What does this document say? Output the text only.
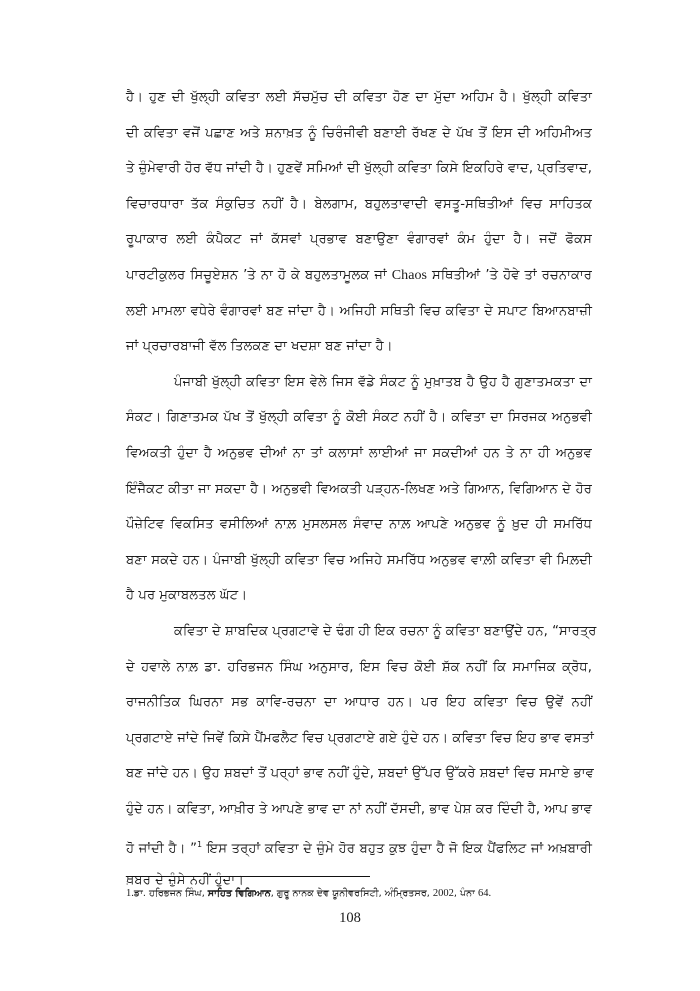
ਹੈ। ਹੁਣ ਦੀ ਖੁੱਲ੍ਹੀ ਕਵਿਤਾ ਲਈ ਸੱਚਮੁੱਚ ਦੀ ਕਵਿਤਾ ਹੋਣ ਦਾ ਮੁੱਦਾ ਅਹਿਮ ਹੈ। ਖੁੱਲ੍ਹੀ ਕਵਿਤਾ
ਦੀ ਕਵਿਤਾ ਵਜੋਂ ਪਛਾਣ ਅਤੇ ਸ਼ਨਾਖ਼ਤ ਨੂੰ ਚਿਰੰਜੀਵੀ ਬਣਾਈ ਰੱਖਣ ਦੇ ਪੱਖ ਤੋਂ ਇਸ ਦੀ ਅਹਿਮੀਅਤ
ਤੇ ਜ਼ੁੰਮੇਵਾਰੀ ਹੋਰ ਵੱਧ ਜਾਂਦੀ ਹੈ। ਹੁਣਵੇਂ ਸਮਿਆਂ ਦੀ ਖੁੱਲ੍ਹੀ ਕਵਿਤਾ ਕਿਸੇ ਇਕਹਿਰੇ ਵਾਦ, ਪ੍ਰਤਿਵਾਦ,
ਵਿਚਾਰਧਾਰਾ ਤੱਕ ਸੰਕੁਚਿਤ ਨਹੀਂ ਹੈ। ਬੇਲਗਾਮ, ਬਹੁਲਤਾਵਾਦੀ ਵਸਤੂ-ਸਥਿਤੀਆਂ ਵਿਚ ਸਾਹਿਤਕ
ਰੂਪਾਕਾਰ ਲਈ ਕੰਪੈਕਟ ਜਾਂ ਕੱਸਵਾਂ ਪ੍ਰਭਾਵ ਬਣਾਉਣਾ ਵੰਗਾਰਵਾਂ ਕੰਮ ਹੁੰਦਾ ਹੈ। ਜਦੋਂ ਫੋਕਸ
ਪਾਰਟੀਕੁਲਰ ਸਿਚੂਏਸ਼ਨ ’ਤੇ ਨਾ ਹੋ ਕੇ ਬਹੁਲਤਾਮੂਲਕ ਜਾਂ Chaos ਸਥਿਤੀਆਂ ’ਤੇ ਹੋਵੇ ਤਾਂ ਰਚਨਾਕਾਰ
ਲਈ ਮਾਮਲਾ ਵਧੇਰੇ ਵੰਗਾਰਵਾਂ ਬਣ ਜਾਂਦਾ ਹੈ। ਅਜਿਹੀ ਸਥਿਤੀ ਵਿਚ ਕਵਿਤਾ ਦੇ ਸਪਾਟ ਬਿਆਨਬਾਜ਼ੀ
ਜਾਂ ਪ੍ਰਚਾਰਬਾਜੀ ਵੱਲ ਤਿਲਕਣ ਦਾ ਖਦਸ਼ਾ ਬਣ ਜਾਂਦਾ ਹੈ।
ਪੰਜਾਬੀ ਖੁੱਲ੍ਹੀ ਕਵਿਤਾ ਇਸ ਵੇਲੇ ਜਿਸ ਵੱਡੇ ਸੰਕਟ ਨੂੰ ਮੁਖ਼ਾਤਬ ਹੈ ਉਹ ਹੈ ਗੁਣਾਤਮਕਤਾ ਦਾ
ਸੰਕਟ। ਗਿਣਾਤਮਕ ਪੱਖ ਤੋਂ ਖੁੱਲ੍ਹੀ ਕਵਿਤਾ ਨੂੰ ਕੋਈ ਸੰਕਟ ਨਹੀਂ ਹੈ। ਕਵਿਤਾ ਦਾ ਸਿਰਜਕ ਅਨੁਭਵੀ
ਵਿਅਕਤੀ ਹੁੰਦਾ ਹੈ ਅਨੁਭਵ ਦੀਆਂ ਨਾ ਤਾਂ ਕਲਾਸਾਂ ਲਾਈਆਂ ਜਾ ਸਕਦੀਆਂ ਹਨ ਤੇ ਨਾ ਹੀ ਅਨੁਭਵ
ਇੰਜੈਕਟ ਕੀਤਾ ਜਾ ਸਕਦਾ ਹੈ। ਅਨੁਭਵੀ ਵਿਅਕਤੀ ਪੜ੍ਹਨ-ਲਿਖਣ ਅਤੇ ਗਿਆਨ, ਵਿਗਿਆਨ ਦੇ ਹੋਰ
ਪੌਜ਼ੇਟਿਵ ਵਿਕਸਿਤ ਵਸੀਲਿਆਂ ਨਾਲ਼ ਮੁਸਲਸਲ ਸੰਵਾਦ ਨਾਲ਼ ਆਪਣੇ ਅਨੁਭਵ ਨੂੰ ਖ਼ੁਦ ਹੀ ਸਮਰਿੱਧ
ਬਣਾ ਸਕਦੇ ਹਨ। ਪੰਜਾਬੀ ਖੁੱਲ੍ਹੀ ਕਵਿਤਾ ਵਿਚ ਅਜਿਹੇ ਸਮਰਿੱਧ ਅਨੁਭਵ ਵਾਲ਼ੀ ਕਵਿਤਾ ਵੀ ਮਿਲ਼ਦੀ
ਹੈ ਪਰ ਮੁਕਾਬਲਤਲ ਘੱਟ।
ਕਵਿਤਾ ਦੇ ਸ਼ਾਬਦਿਕ ਪ੍ਰਗਟਾਵੇ ਦੇ ਢੰਗ ਹੀ ਇਕ ਰਚਨਾ ਨੂੰ ਕਵਿਤਾ ਬਣਾਉਂਦੇ ਹਨ, “ਸਾਰਤ੍ਰ
ਦੇ ਹਵਾਲੇ ਨਾਲ਼ ਡਾ. ਹਰਿਭਜਨ ਸਿੰਘ ਅਨੁਸਾਰ, ਇਸ ਵਿਚ ਕੋਈ ਸ਼ੱਕ ਨਹੀਂ ਕਿ ਸਮਾਜਿਕ ਕ੍ਰੋਧ,
ਰਾਜਨੀਤਿਕ ਘਿਰਨਾ ਸਭ ਕਾਵਿ-ਰਚਨਾ ਦਾ ਆਧਾਰ ਹਨ। ਪਰ ਇਹ ਕਵਿਤਾ ਵਿਚ ਉਵੇਂ ਨਹੀਂ
ਪ੍ਰਗਟਾਏ ਜਾਂਦੇ ਜਿਵੇਂ ਕਿਸੇ ਪੈਂਮਫਲੈਟ ਵਿਚ ਪ੍ਰਗਟਾਏ ਗਏ ਹੁੰਦੇ ਹਨ। ਕਵਿਤਾ ਵਿਚ ਇਹ ਭਾਵ ਵਸਤਾਂ
ਬਣ ਜਾਂਦੇ ਹਨ। ਉਹ ਸ਼ਬਦਾਂ ਤੋਂ ਪਰ੍ਹਾਂ ਭਾਵ ਨਹੀਂ ਹੁੰਦੇ, ਸ਼ਬਦਾਂ ਉੱਪਰ ਉੱਕਰੇ ਸ਼ਬਦਾਂ ਵਿਚ ਸਮਾਏ ਭਾਵ
ਹੁੰਦੇ ਹਨ। ਕਵਿਤਾ, ਆਖ਼ੀਰ ਤੇ ਆਪਣੇ ਭਾਵ ਦਾ ਨਾਂ ਨਹੀਂ ਦੱਸਦੀ, ਭਾਵ ਪੇਸ਼ ਕਰ ਦਿੰਦੀ ਹੈ, ਆਪ ਭਾਵ
ਹੋ ਜਾਂਦੀ ਹੈ। ”$^1$ ਇਸ ਤਰ੍ਹਾਂ ਕਵਿਤਾ ਦੇ ਜ਼ੁੰਮੇ ਹੋਰ ਬਹੁਤ ਕੁਝ ਹੁੰਦਾ ਹੈ ਜੋ ਇਕ ਪੈਂਫਲਿਟ ਜਾਂ ਅਖ਼ਬਾਰੀ
ਖ਼ਬਰ ਦੇ ਜ਼ੁੰਮੇ ਨਹੀਂ ਹੁੰਦਾ।
1.ਡਾ. ਹਰਿਭਜਨ ਸਿੰਘ, ਸਾਹਿਤ ਵਿਗਿਆਨ, ਗੁਰੂ ਨਾਨਕ ਦੇਵ ਯੂਨੀਵਰਸਿਟੀ, ਅੰਮ੍ਰਿਤਸਰ, 2002, ਪੰਨਾ 64.
108
